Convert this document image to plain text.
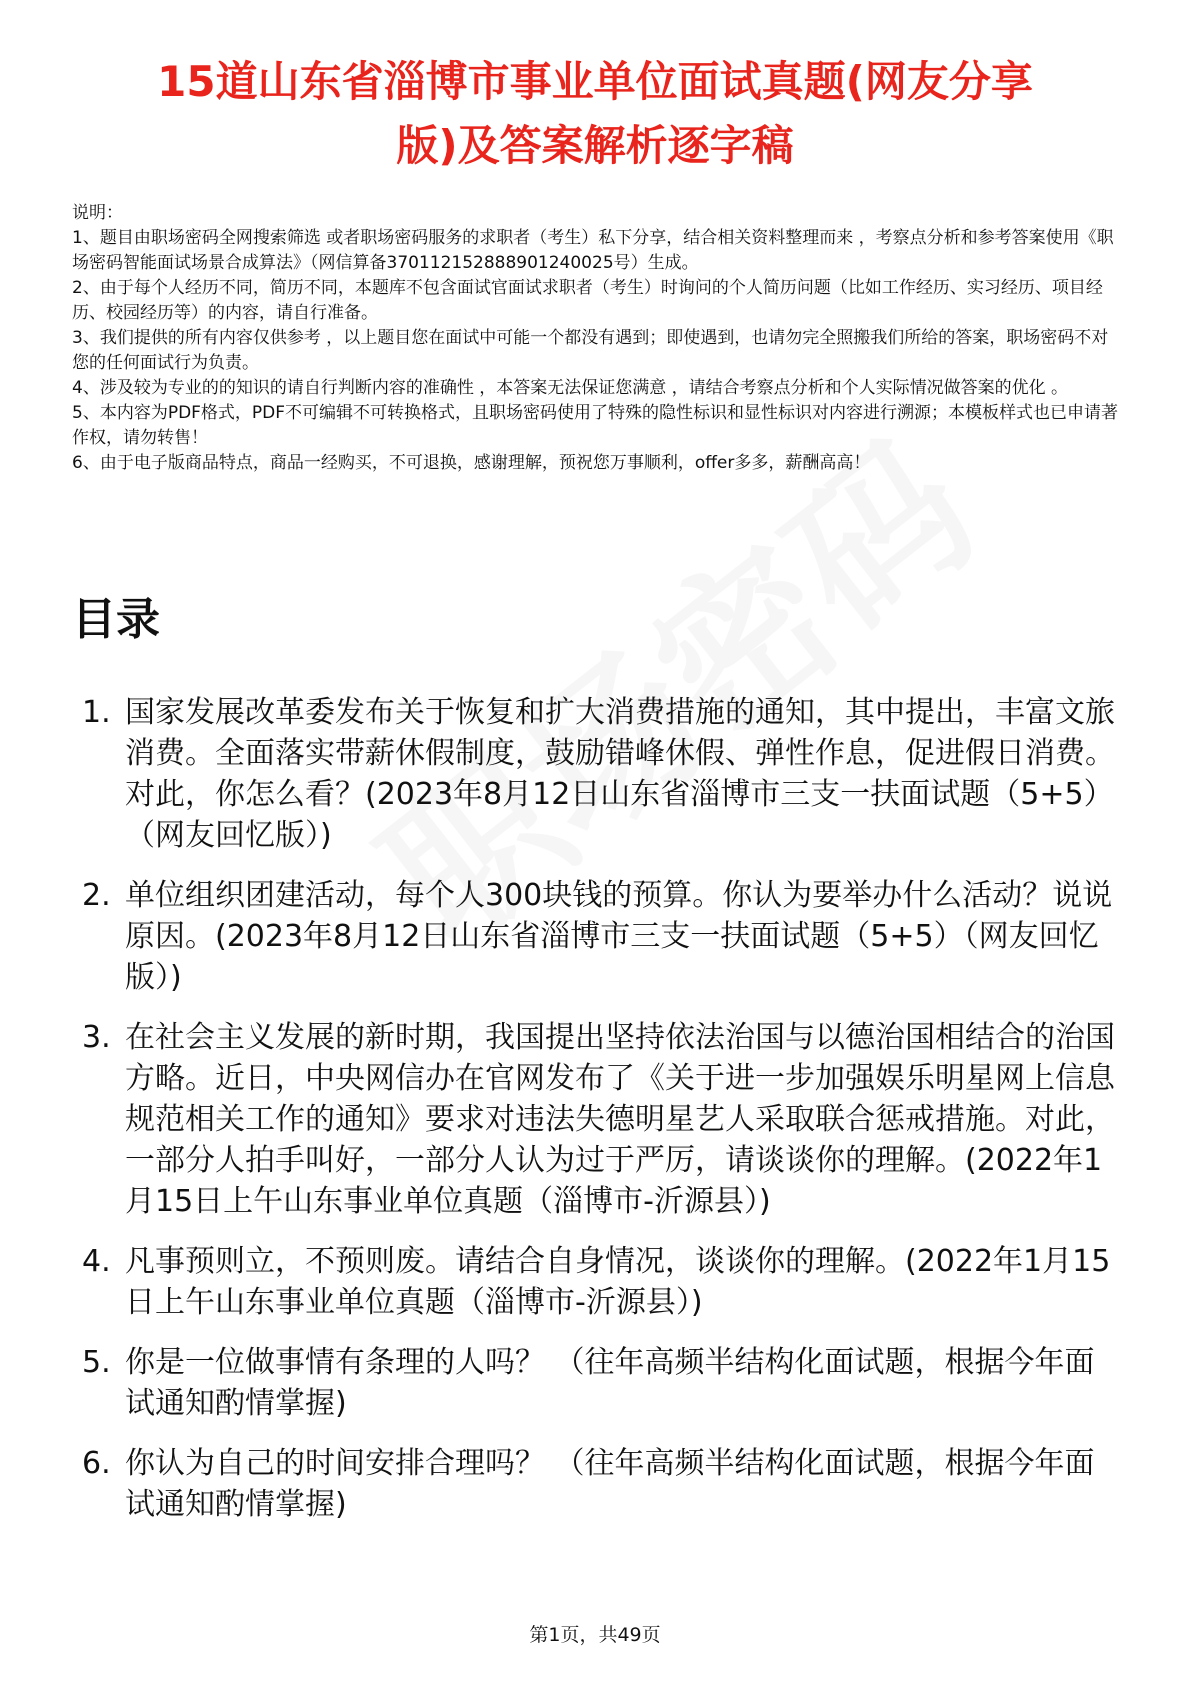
15道山东省淄博市事业单位面试真题(网友分享
版)及答案解析逐字稿

说明：

1、题目由职场密码全网搜索筛选 或者职场密码服务的求职者（考生）私下分享，结合相关资料整理而来 ，考察点分析和参考答案使用《职场密码智能面试场景合成算法》（网信算备370112152888901240025号）生成。

2、由于每个人经历不同，简历不同，本题库不包含面试官面试求职者（考生）时询问的个人简历问题（比如工作经历、实习经历、项目经历、校园经历等）的内容，请自行准备。

3、我们提供的所有内容仅供参考 ，以上题目您在面试中可能一个都没有遇到；即使遇到，也请勿完全照搬我们所给的答案，职场密码不对您的任何面试行为负责。

4、涉及较为专业的的知识的请自行判断内容的准确性 ，本答案无法保证您满意 ，请结合考察点分析和个人实际情况做答案的优化 。

5、本内容为PDF格式，PDF不可编辑不可转换格式，且职场密码使用了特殊的隐性标识和显性标识对内容进行溯源；本模板样式也已申请著作权，请勿转售！

6、由于电子版商品特点，商品一经购买，不可退换，感谢理解，预祝您万事顺利，offer多多，薪酬高高！

目录
1. 国家发展改革委发布关于恢复和扩大消费措施的通知，其中提出，丰富文旅消费。全面落实带薪休假制度，鼓励错峰休假、弹性作息，促进假日消费。对此，你怎么看？(2023年8月12日山东省淄博市三支一扶面试题（5+5）（网友回忆版）)
2. 单位组织团建活动，每个人300块钱的预算。你认为要举办什么活动？说说原因。(2023年8月12日山东省淄博市三支一扶面试题（5+5）（网友回忆版）)
3. 在社会主义发展的新时期，我国提出坚持依法治国与以德治国相结合的治国方略。近日，中央网信办在官网发布了《关于进一步加强娱乐明星网上信息规范相关工作的通知》要求对违法失德明星艺人采取联合惩戒措施。对此，一部分人拍手叫好，一部分人认为过于严厉，请谈谈你的理解。(2022年1月15日上午山东事业单位真题（淄博市-沂源县）)
4. 凡事预则立，不预则废。请结合自身情况，谈谈你的理解。(2022年1月15日上午山东事业单位真题（淄博市-沂源县）)
5. 你是一位做事情有条理的人吗？ （往年高频半结构化面试题，根据今年面试通知酌情掌握)
6. 你认为自己的时间安排合理吗？ （往年高频半结构化面试题，根据今年面试通知酌情掌握)
第1页，共49页
